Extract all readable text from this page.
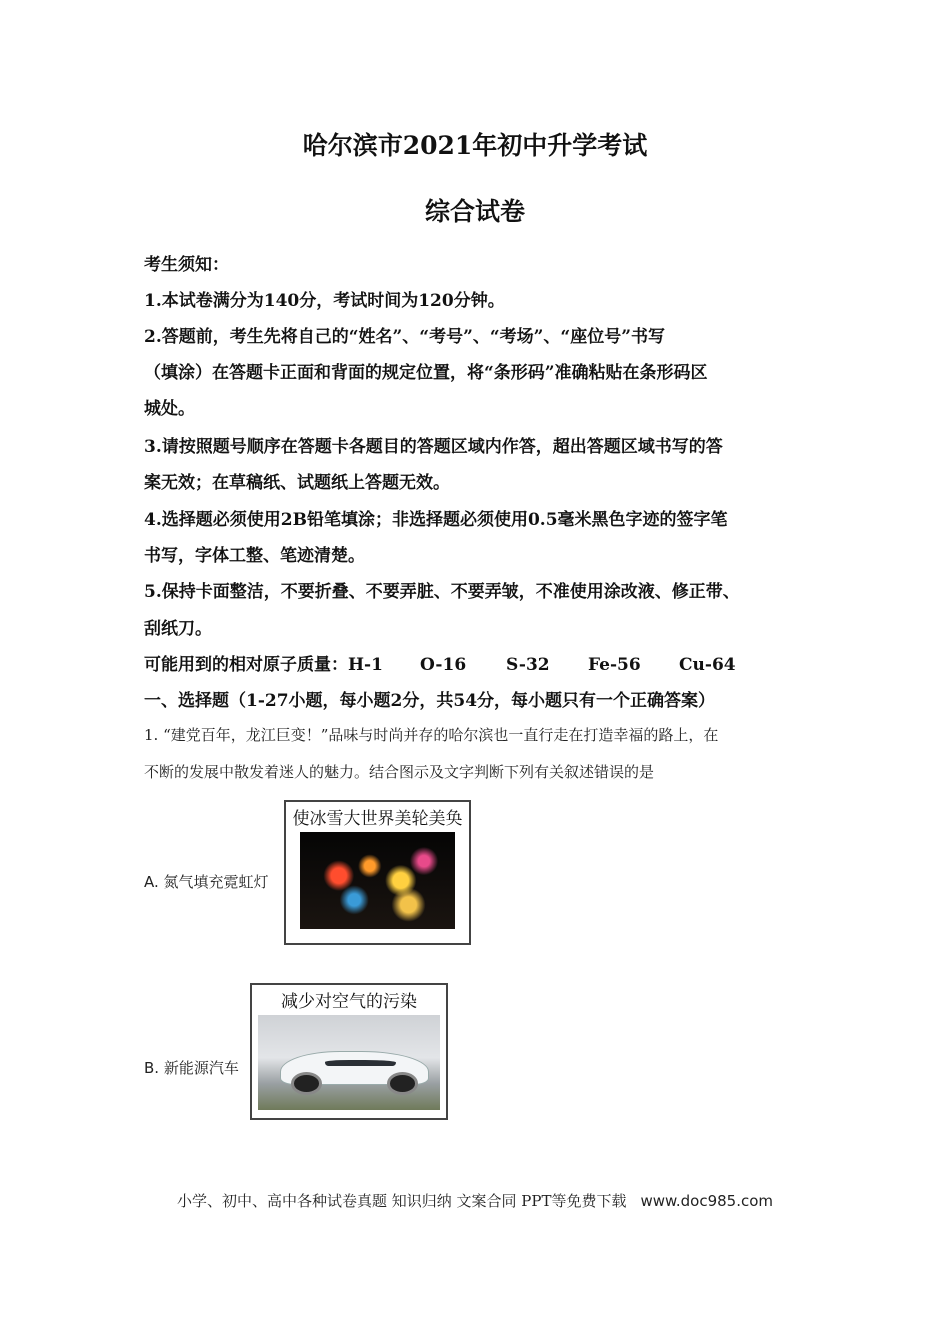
哈尔滨市2021年初中升学考试
综合试卷
考生须知：
1.本试卷满分为140分，考试时间为120分钟。
2.答题前，考生先将自己的“姓名”、“考号”、“考场”、“座位号”书写
（填涂）在答题卡正面和背面的规定位置，将“条形码”准确粘贴在条形码区
城处。
3.请按照题号顺序在答题卡各题目的答题区域内作答，超出答题区域书写的答
案无效；在草稿纸、试题纸上答题无效。
4.选择题必须使用2B铅笔填涂；非选择题必须使用0.5毫米黑色字迹的签字笔
书写，字体工整、笔迹清楚。
5.保持卡面整洁，不要折叠、不要弄脏、不要弄皱，不准使用涂改液、修正带、
刮纸刀。
可能用到的相对原子质量：H-1 O-16 S-32 Fe-56 Cu-64
一、选择题（1-27小题，每小题2分，共54分，每小题只有一个正确答案）
1. “建党百年，龙江巨变！”品味与时尚并存的哈尔滨也一直行走在打造幸福的路上，在
不断的发展中散发着迷人的魅力。结合图示及文字判断下列有关叙述错误的是
A. 氮气填充霓虹灯
使冰雪大世界美轮美奂
B. 新能源汽车
减少对空气的污染
小学、初中、高中各种试卷真题 知识归纳 文案合同 PPT等免费下载 www.doc985.com
